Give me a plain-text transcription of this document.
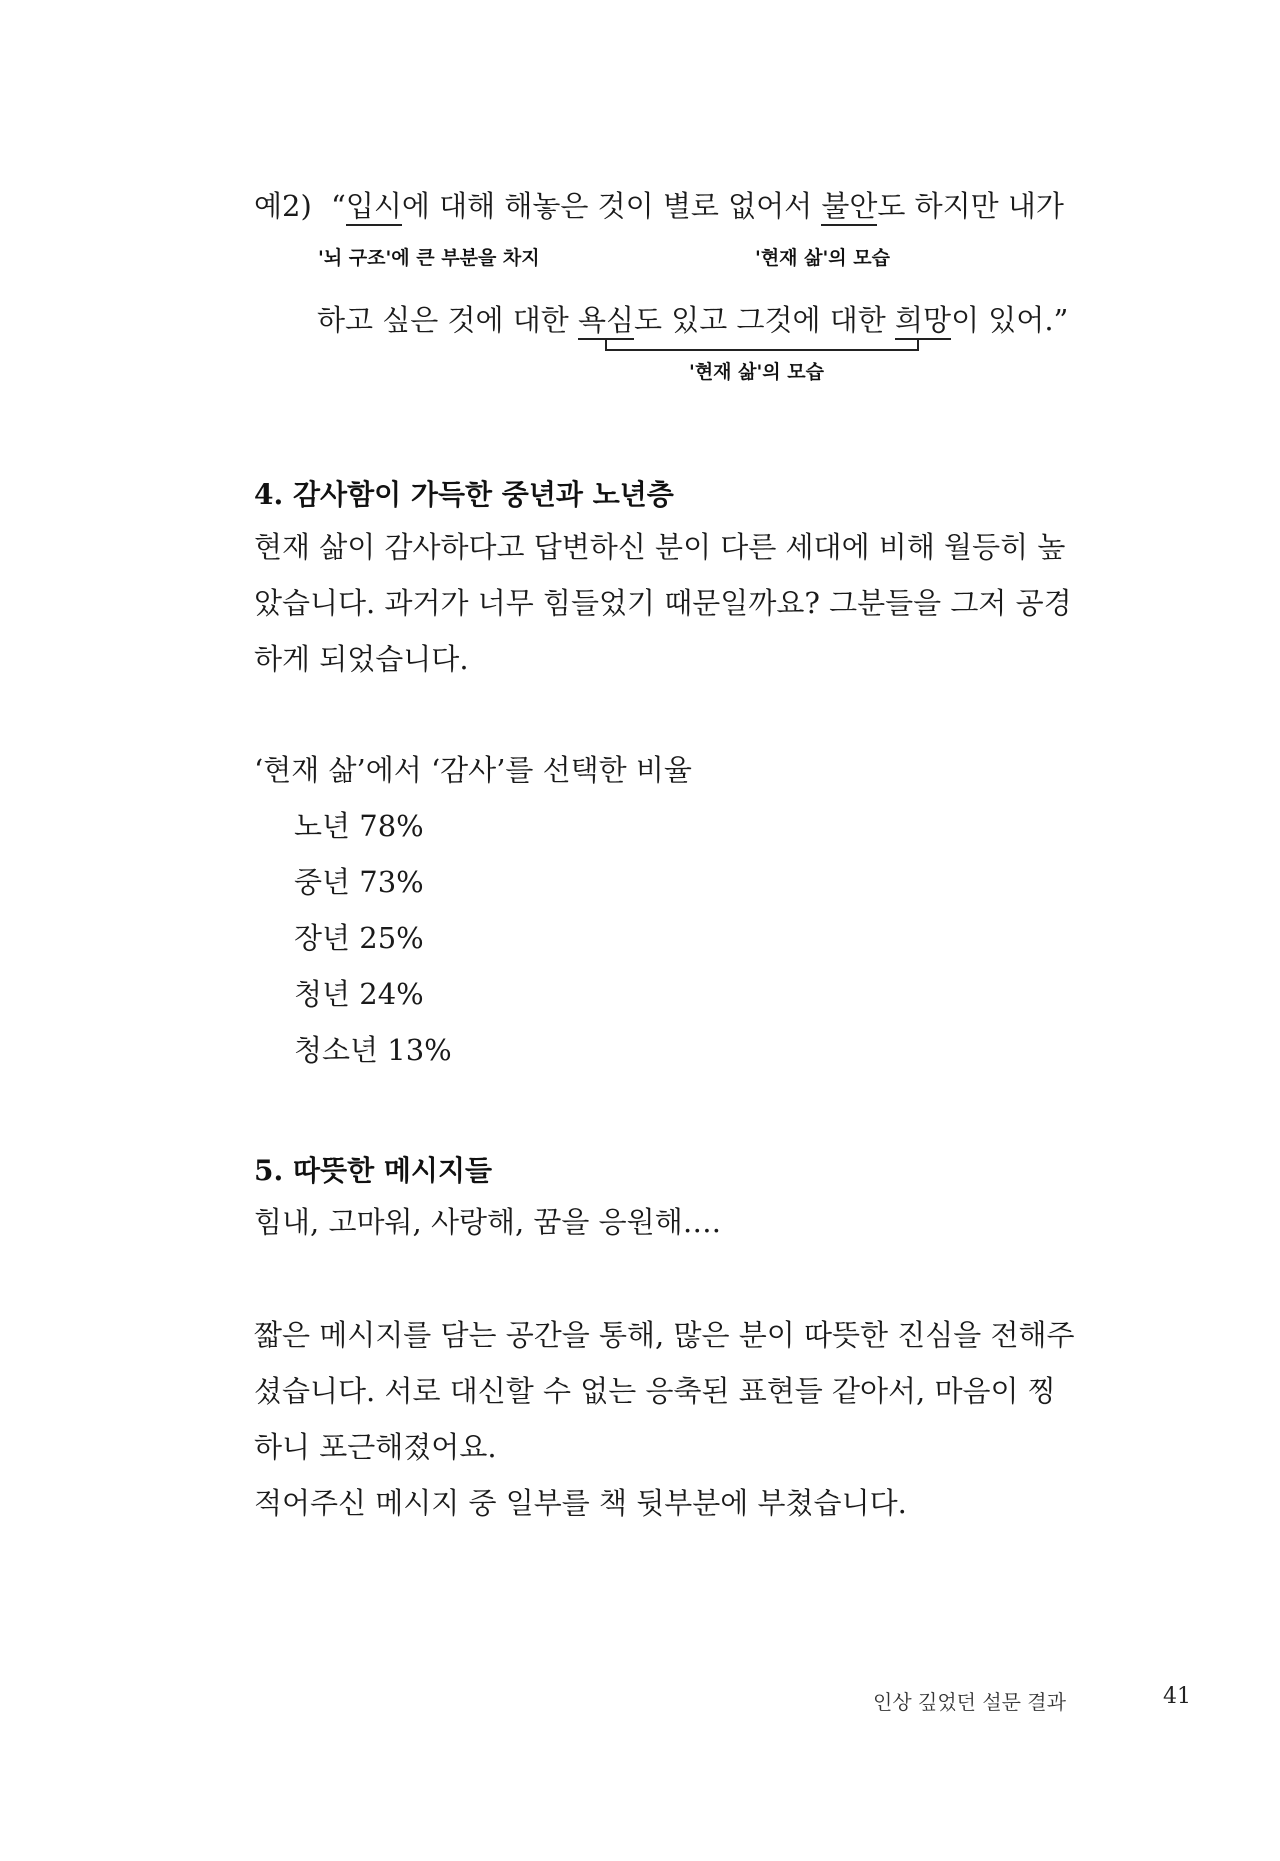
예2) “입시에 대해 해놓은 것이 별로 없어서 불안도 하지만 내가
'뇌 구조'에 큰 부분을 차지	'현재 삶'의 모습
하고 싶은 것에 대한 욕심도 있고 그것에 대한 희망이 있어.”
'현재 삶'의 모습
4. 감사함이 가득한 중년과 노년층
현재 삶이 감사하다고 답변하신 분이 다른 세대에 비해 월등히 높
았습니다. 과거가 너무 힘들었기 때문일까요? 그분들을 그저 공경
하게 되었습니다.
‘현재 삶’에서 ‘감사’를 선택한 비율
노년 78%
중년 73%
장년 25%
청년 24%
청소년 13%
5. 따뜻한 메시지들
힘내, 고마워, 사랑해, 꿈을 응원해….
짧은 메시지를 담는 공간을 통해, 많은 분이 따뜻한 진심을 전해주
셨습니다. 서로 대신할 수 없는 응축된 표현들 같아서, 마음이 찡
하니 포근해졌어요.
적어주신 메시지 중 일부를 책 뒷부분에 부쳤습니다.
인상 깊었던 설문 결과	41
